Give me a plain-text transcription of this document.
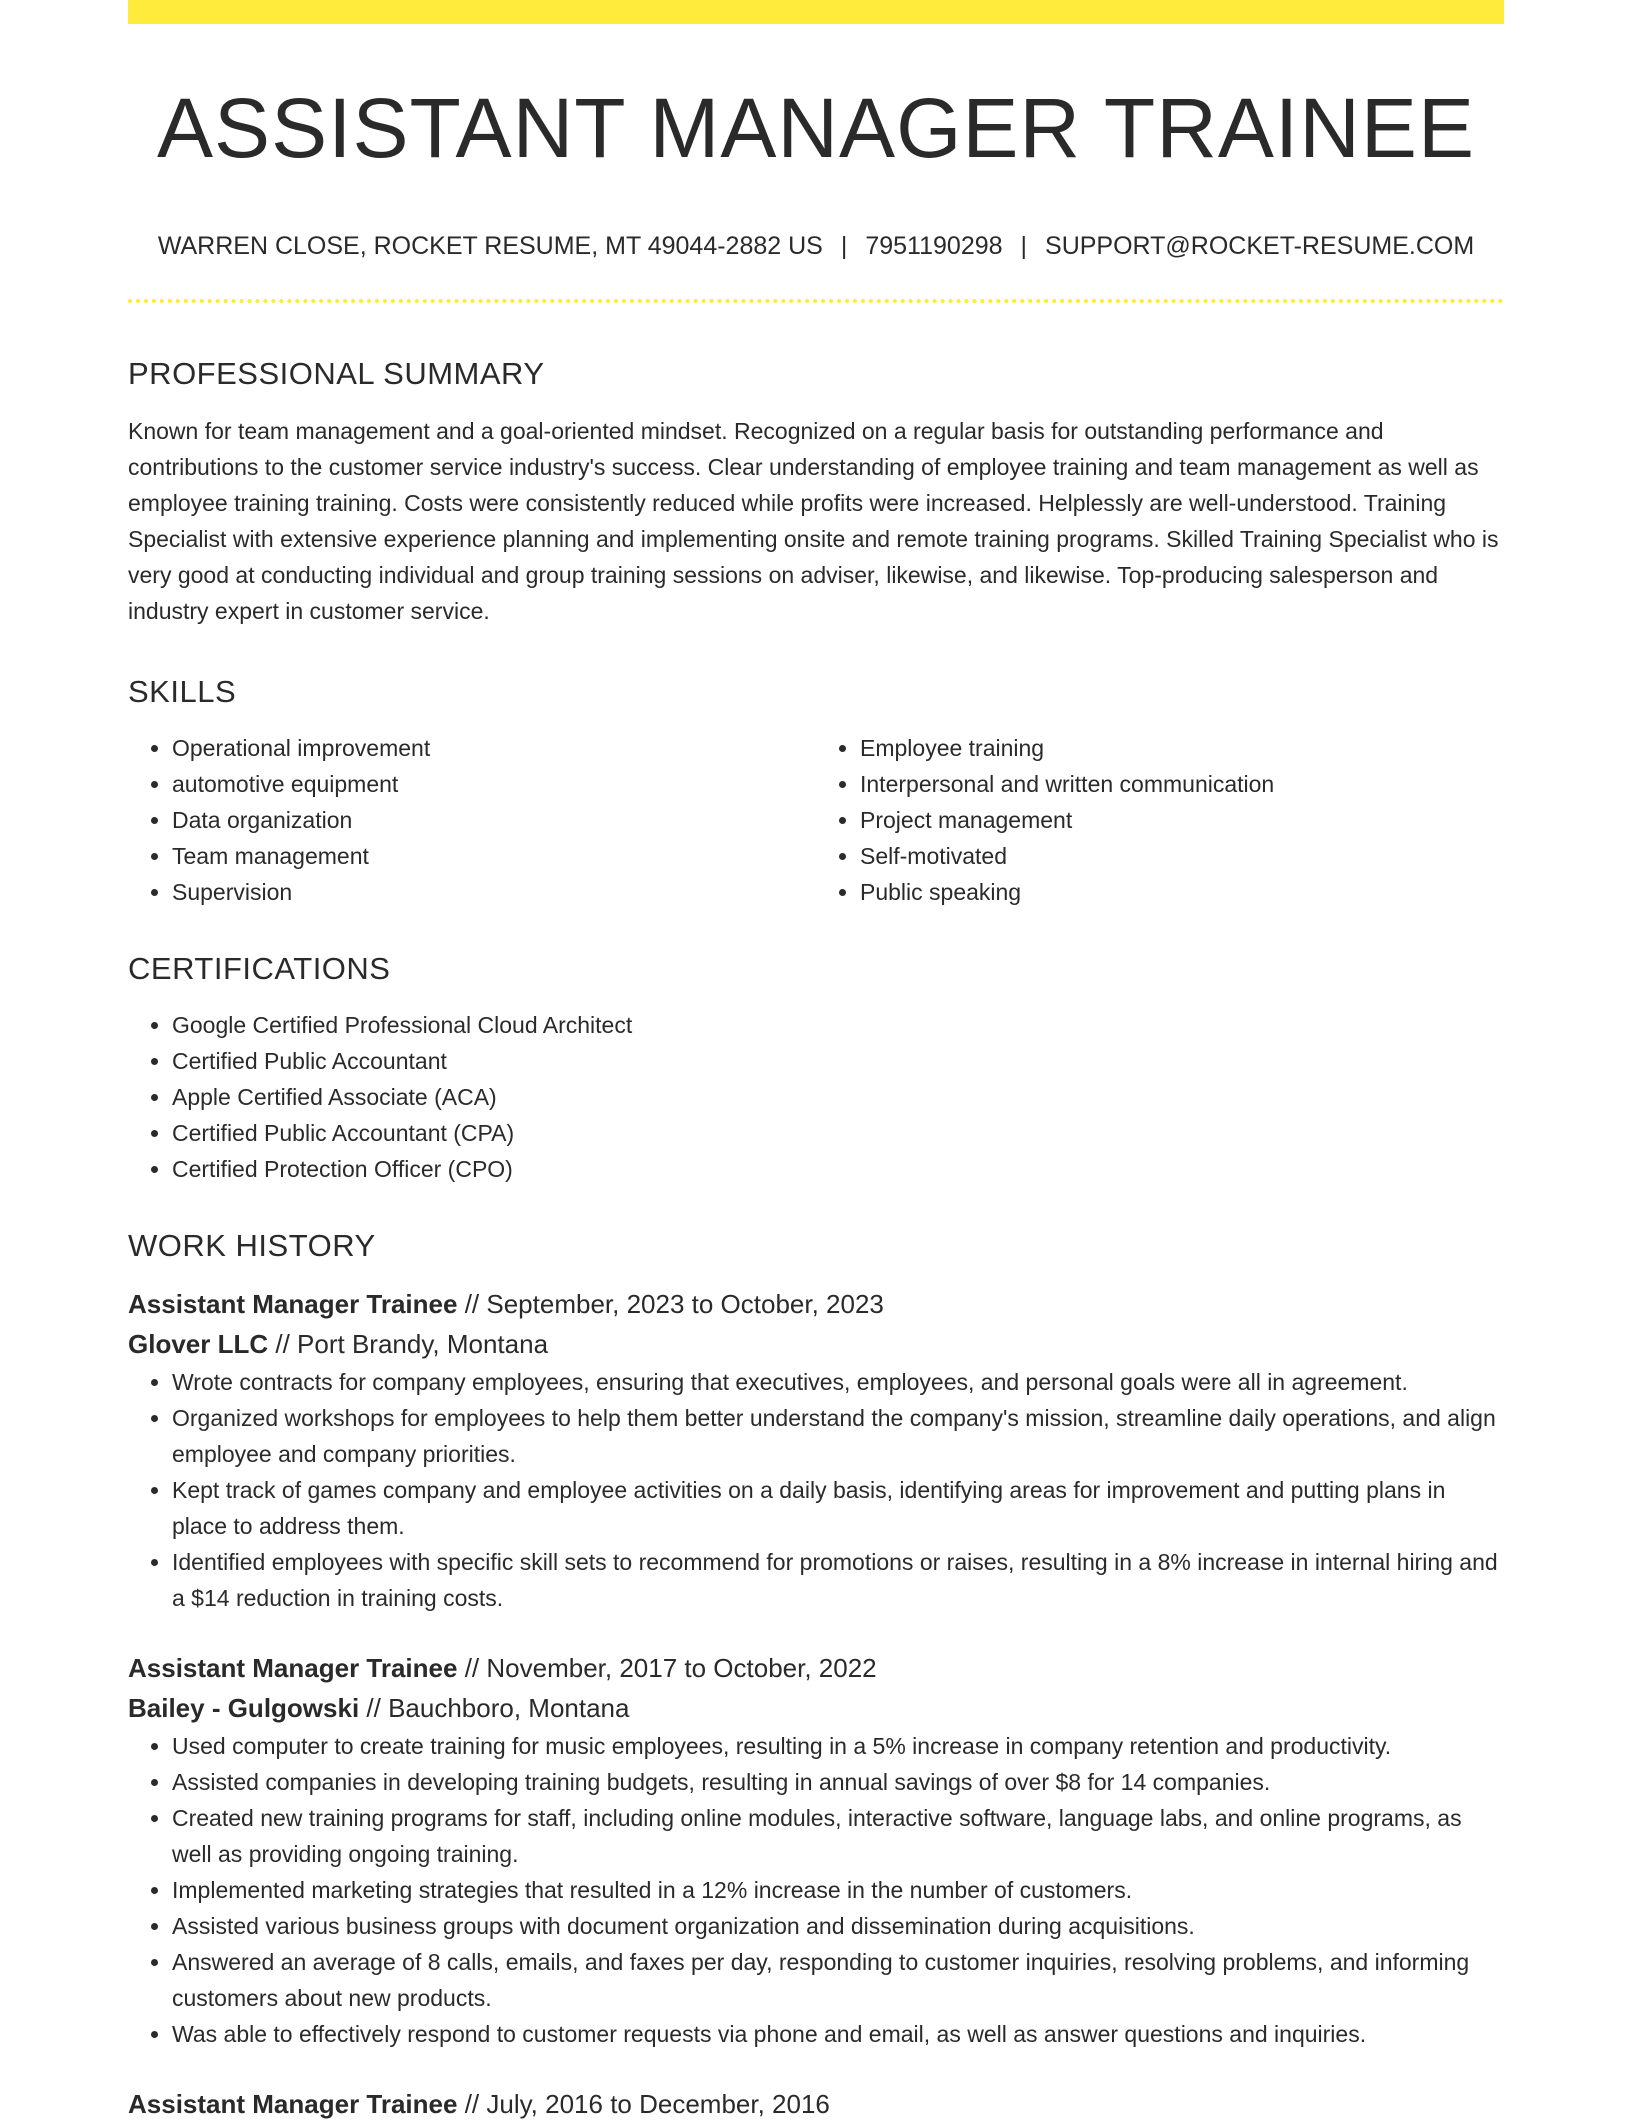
ASSISTANT MANAGER TRAINEE
WARREN CLOSE, ROCKET RESUME, MT 49044-2882 US | 7951190298 | SUPPORT@ROCKET-RESUME.COM
PROFESSIONAL SUMMARY

Known for team management and a goal-oriented mindset. Recognized on a regular basis for outstanding performance and contributions to the customer service industry's success. Clear understanding of employee training and team management as well as employee training training. Costs were consistently reduced while profits were increased. Helplessly are well-understood. Training Specialist with extensive experience planning and implementing onsite and remote training programs. Skilled Training Specialist who is very good at conducting individual and group training sessions on adviser, likewise, and likewise. Top-producing salesperson and industry expert in customer service.

SKILLS
• Operational improvement
• automotive equipment
• Data organization
• Team management
• Supervision
• Employee training
• Interpersonal and written communication
• Project management
• Self-motivated
• Public speaking
CERTIFICATIONS
• Google Certified Professional Cloud Architect
• Certified Public Accountant
• Apple Certified Associate (ACA)
• Certified Public Accountant (CPA)
• Certified Protection Officer (CPO)
WORK HISTORY
Assistant Manager Trainee // September, 2023 to October, 2023
Glover LLC // Port Brandy, Montana
• Wrote contracts for company employees, ensuring that executives, employees, and personal goals were all in agreement.
• Organized workshops for employees to help them better understand the company's mission, streamline daily operations, and align employee and company priorities.
• Kept track of games company and employee activities on a daily basis, identifying areas for improvement and putting plans in place to address them.
• Identified employees with specific skill sets to recommend for promotions or raises, resulting in a 8% increase in internal hiring and a $14 reduction in training costs.
Assistant Manager Trainee // November, 2017 to October, 2022
Bailey - Gulgowski // Bauchboro, Montana
• Used computer to create training for music employees, resulting in a 5% increase in company retention and productivity.
• Assisted companies in developing training budgets, resulting in annual savings of over $8 for 14 companies.
• Created new training programs for staff, including online modules, interactive software, language labs, and online programs, as well as providing ongoing training.
• Implemented marketing strategies that resulted in a 12% increase in the number of customers.
• Assisted various business groups with document organization and dissemination during acquisitions.
• Answered an average of 8 calls, emails, and faxes per day, responding to customer inquiries, resolving problems, and informing customers about new products.
• Was able to effectively respond to customer requests via phone and email, as well as answer questions and inquiries.
Assistant Manager Trainee // July, 2016 to December, 2016
